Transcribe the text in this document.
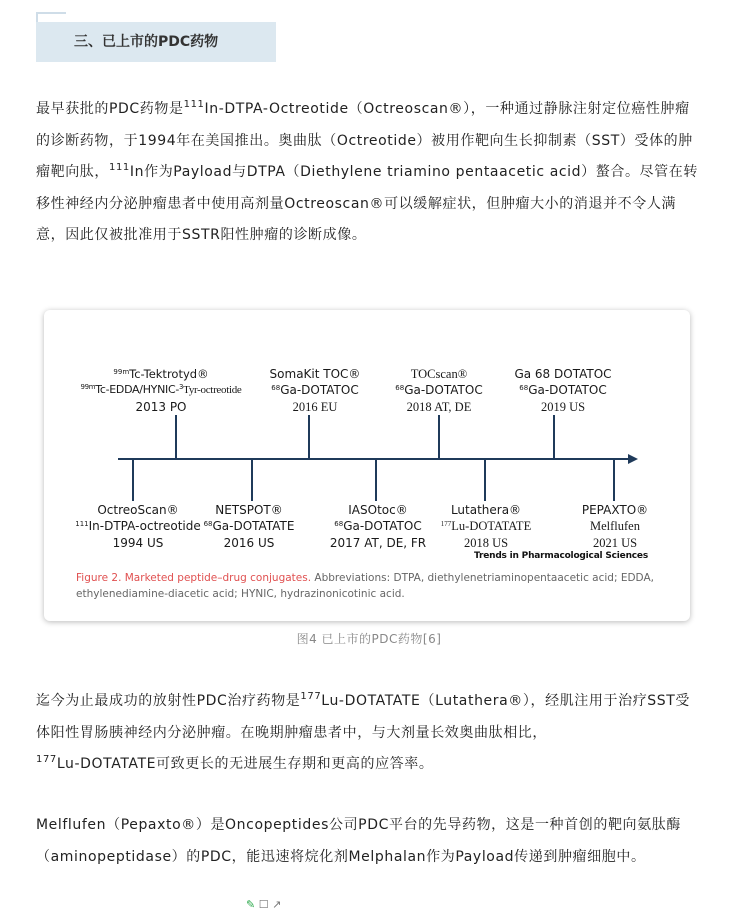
三、已上市的PDC药物

最早获批的PDC药物是$^{111}$In-DTPA-Octreotide（Octreoscan®），一种通过静脉注射定位癌性肿瘤的诊断药物，于1994年在美国推出。奥曲肽（Octreotide）被用作靶向生长抑制素（SST）受体的肿瘤靶向肽，$^{111}$In作为Payload与DTPA（Diethylene triamino pentaacetic acid）螯合。尽管在转移性神经内分泌肿瘤患者中使用高剂量Octreoscan®可以缓解症状，但肿瘤大小的消退并不令人满意，因此仅被批准用于SSTR阳性肿瘤的诊断成像。

$^{99m}$Tc-Tektrotyd®
$^{99m}$Tc-EDDA/HYNIC-$^3$Tyr-octreotide
2013 PO
SomaKit TOC®
$^{68}$Ga-DOTATOC
2016 EU
TOCscan®
$^{68}$Ga-DOTATOC
2018 AT, DE
Ga 68 DOTATOC
$^{68}$Ga-DOTATOC
2019 US
OctreoScan®
$^{111}$In-DTPA-octreotide
1994 US
NETSPOT®
$^{68}$Ga-DOTATATE
2016 US
IASOtoc®
$^{68}$Ga-DOTATOC
2017 AT, DE, FR
Lutathera®
$^{177}$Lu-DOTATATE
2018 US
PEPAXTO®
Melflufen
2021 US
Trends in Pharmacological Sciences
Figure 2. Marketed peptide–drug conjugates. Abbreviations: DTPA, diethylenetriaminopentaacetic acid; EDDA, ethylenediamine-diacetic acid; HYNIC, hydrazinonicotinic acid.
图4 已上市的PDC药物[6]

迄今为止最成功的放射性PDC治疗药物是$^{177}$Lu-DOTATATE（Lutathera®），经肌注用于治疗SST受体阳性胃肠胰神经内分泌肿瘤。在晚期肿瘤患者中，与大剂量长效奥曲肽相比，
$^{177}$Lu-DOTATATE可致更长的无进展生存期和更高的应答率。

Melflufen（Pepaxto®）是Oncopeptides公司PDC平台的先导药物，这是一种首创的靶向氨肽酶（aminopeptidase）的PDC，能迅速将烷化剂Melphalan作为Payload传递到肿瘤细胞中。

✎ ☐ ↗
